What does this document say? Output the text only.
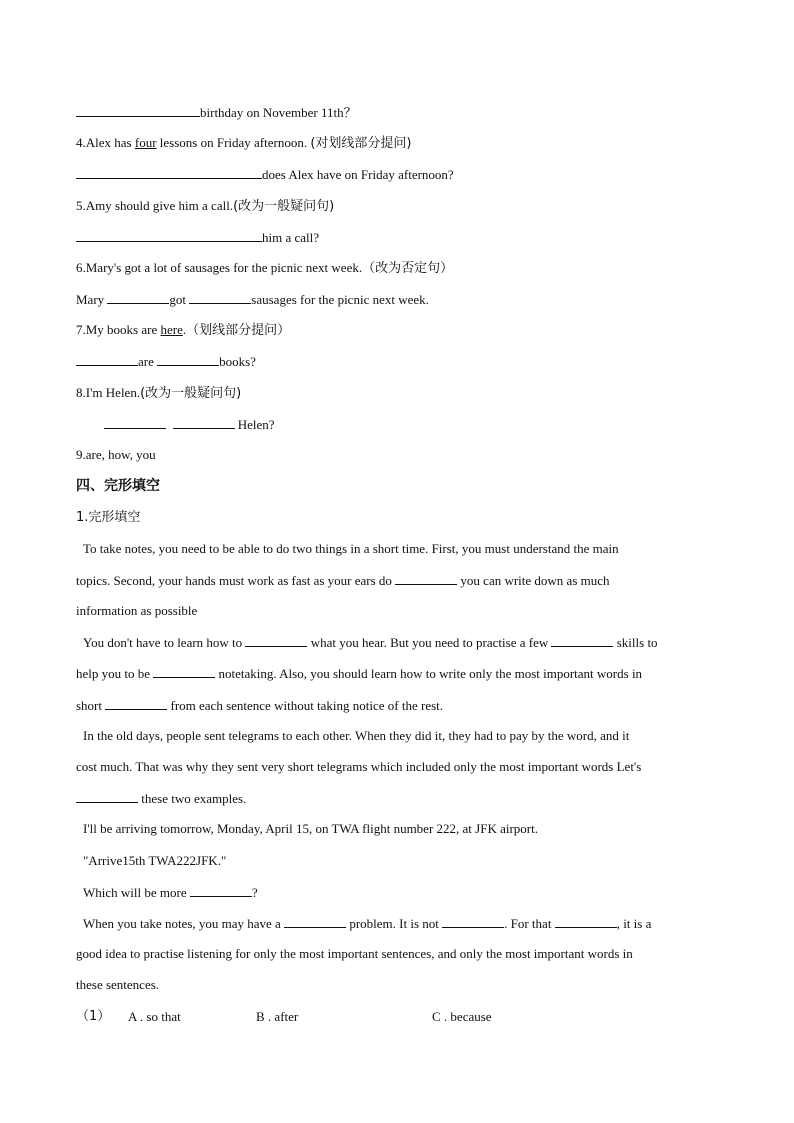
birthday on November 11th？
4.Alex has four lessons on Friday afternoon. (对划线部分提问)
does Alex have on Friday afternoon?
5.Amy should give him a call.(改为一般疑问句)
him a call?
6.Mary's got a lot of sausages for the picnic next week.（改为否定句）
Mary	got	sausages for the picnic next week.
7.My books are here.（划线部分提问）
are	books?
8.I'm Helen.(改为一般疑问句)
Helen?
9.are, how, you
四、完形填空
1.完形填空
To take notes, you need to be able to do two things in a short time. First, you must understand the main
topics. Second, your hands must work as fast as your ears do	you can write down as much
information as possible
You don't have to learn how to	what you hear. But you need to practise a few	skills to
help you to be	notetaking. Also, you should learn how to write only the most important words in
short	from each sentence without taking notice of the rest.
In the old days, people sent telegrams to each other. When they did it, they had to pay by the word, and it
cost much. That was why they sent very short telegrams which included only the most important words Let's
these two examples.
I'll be arriving tomorrow, Monday, April 15, on TWA flight number 222, at JFK airport.
"Arrive15th TWA222JFK."
Which will be more	?
When you take notes, you may have a	problem. It is not	. For that	, it is a
good idea to practise listening for only the most important sentences, and only the most important words in
these sentences.
（1） A . so that	B . after	C . because
